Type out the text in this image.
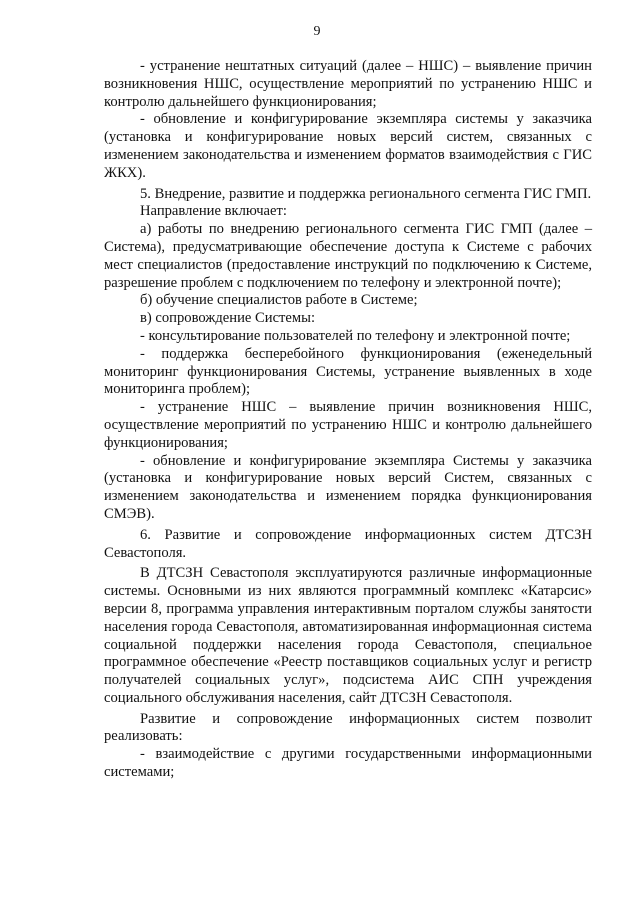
9

- устранение нештатных ситуаций (далее – НШС) – выявление причин возникновения НШС, осуществление мероприятий по устранению НШС и контролю дальнейшего функционирования;

- обновление и конфигурирование экземпляра системы у заказчика (установка и конфигурирование новых версий систем, связанных с изменением законодательства и изменением форматов взаимодействия с ГИС ЖКХ).

5. Внедрение, развитие и поддержка регионального сегмента ГИС ГМП.

Направление включает:

а) работы по внедрению регионального сегмента ГИС ГМП (далее – Система), предусматривающие обеспечение доступа к Системе с рабочих мест специалистов (предоставление инструкций по подключению к Системе, разрешение проблем с подключением по телефону и электронной почте);

б) обучение специалистов работе в Системе;

в) сопровождение Системы:

- консультирование пользователей по телефону и электронной почте;

- поддержка бесперебойного функционирования (еженедельный мониторинг функционирования Системы, устранение выявленных в ходе мониторинга проблем);

- устранение НШС – выявление причин возникновения НШС, осуществление мероприятий по устранению НШС и контролю дальнейшего функционирования;

- обновление и конфигурирование экземпляра Системы у заказчика (установка и конфигурирование новых версий Систем, связанных с изменением законодательства и изменением порядка функционирования СМЭВ).

6. Развитие и сопровождение информационных систем ДТСЗН Севастополя.

В ДТСЗН Севастополя эксплуатируются различные информационные системы. Основными из них являются программный комплекс «Катарсис» версии 8, программа управления интерактивным порталом службы занятости населения города Севастополя, автоматизированная информационная система социальной поддержки населения города Севастополя, специальное программное обеспечение «Реестр поставщиков социальных услуг и регистр получателей социальных услуг», подсистема АИС СПН учреждения социального обслуживания населения, сайт ДТСЗН Севастополя.

Развитие и сопровождение информационных систем позволит реализовать:

- взаимодействие с другими государственными информационными системами;
